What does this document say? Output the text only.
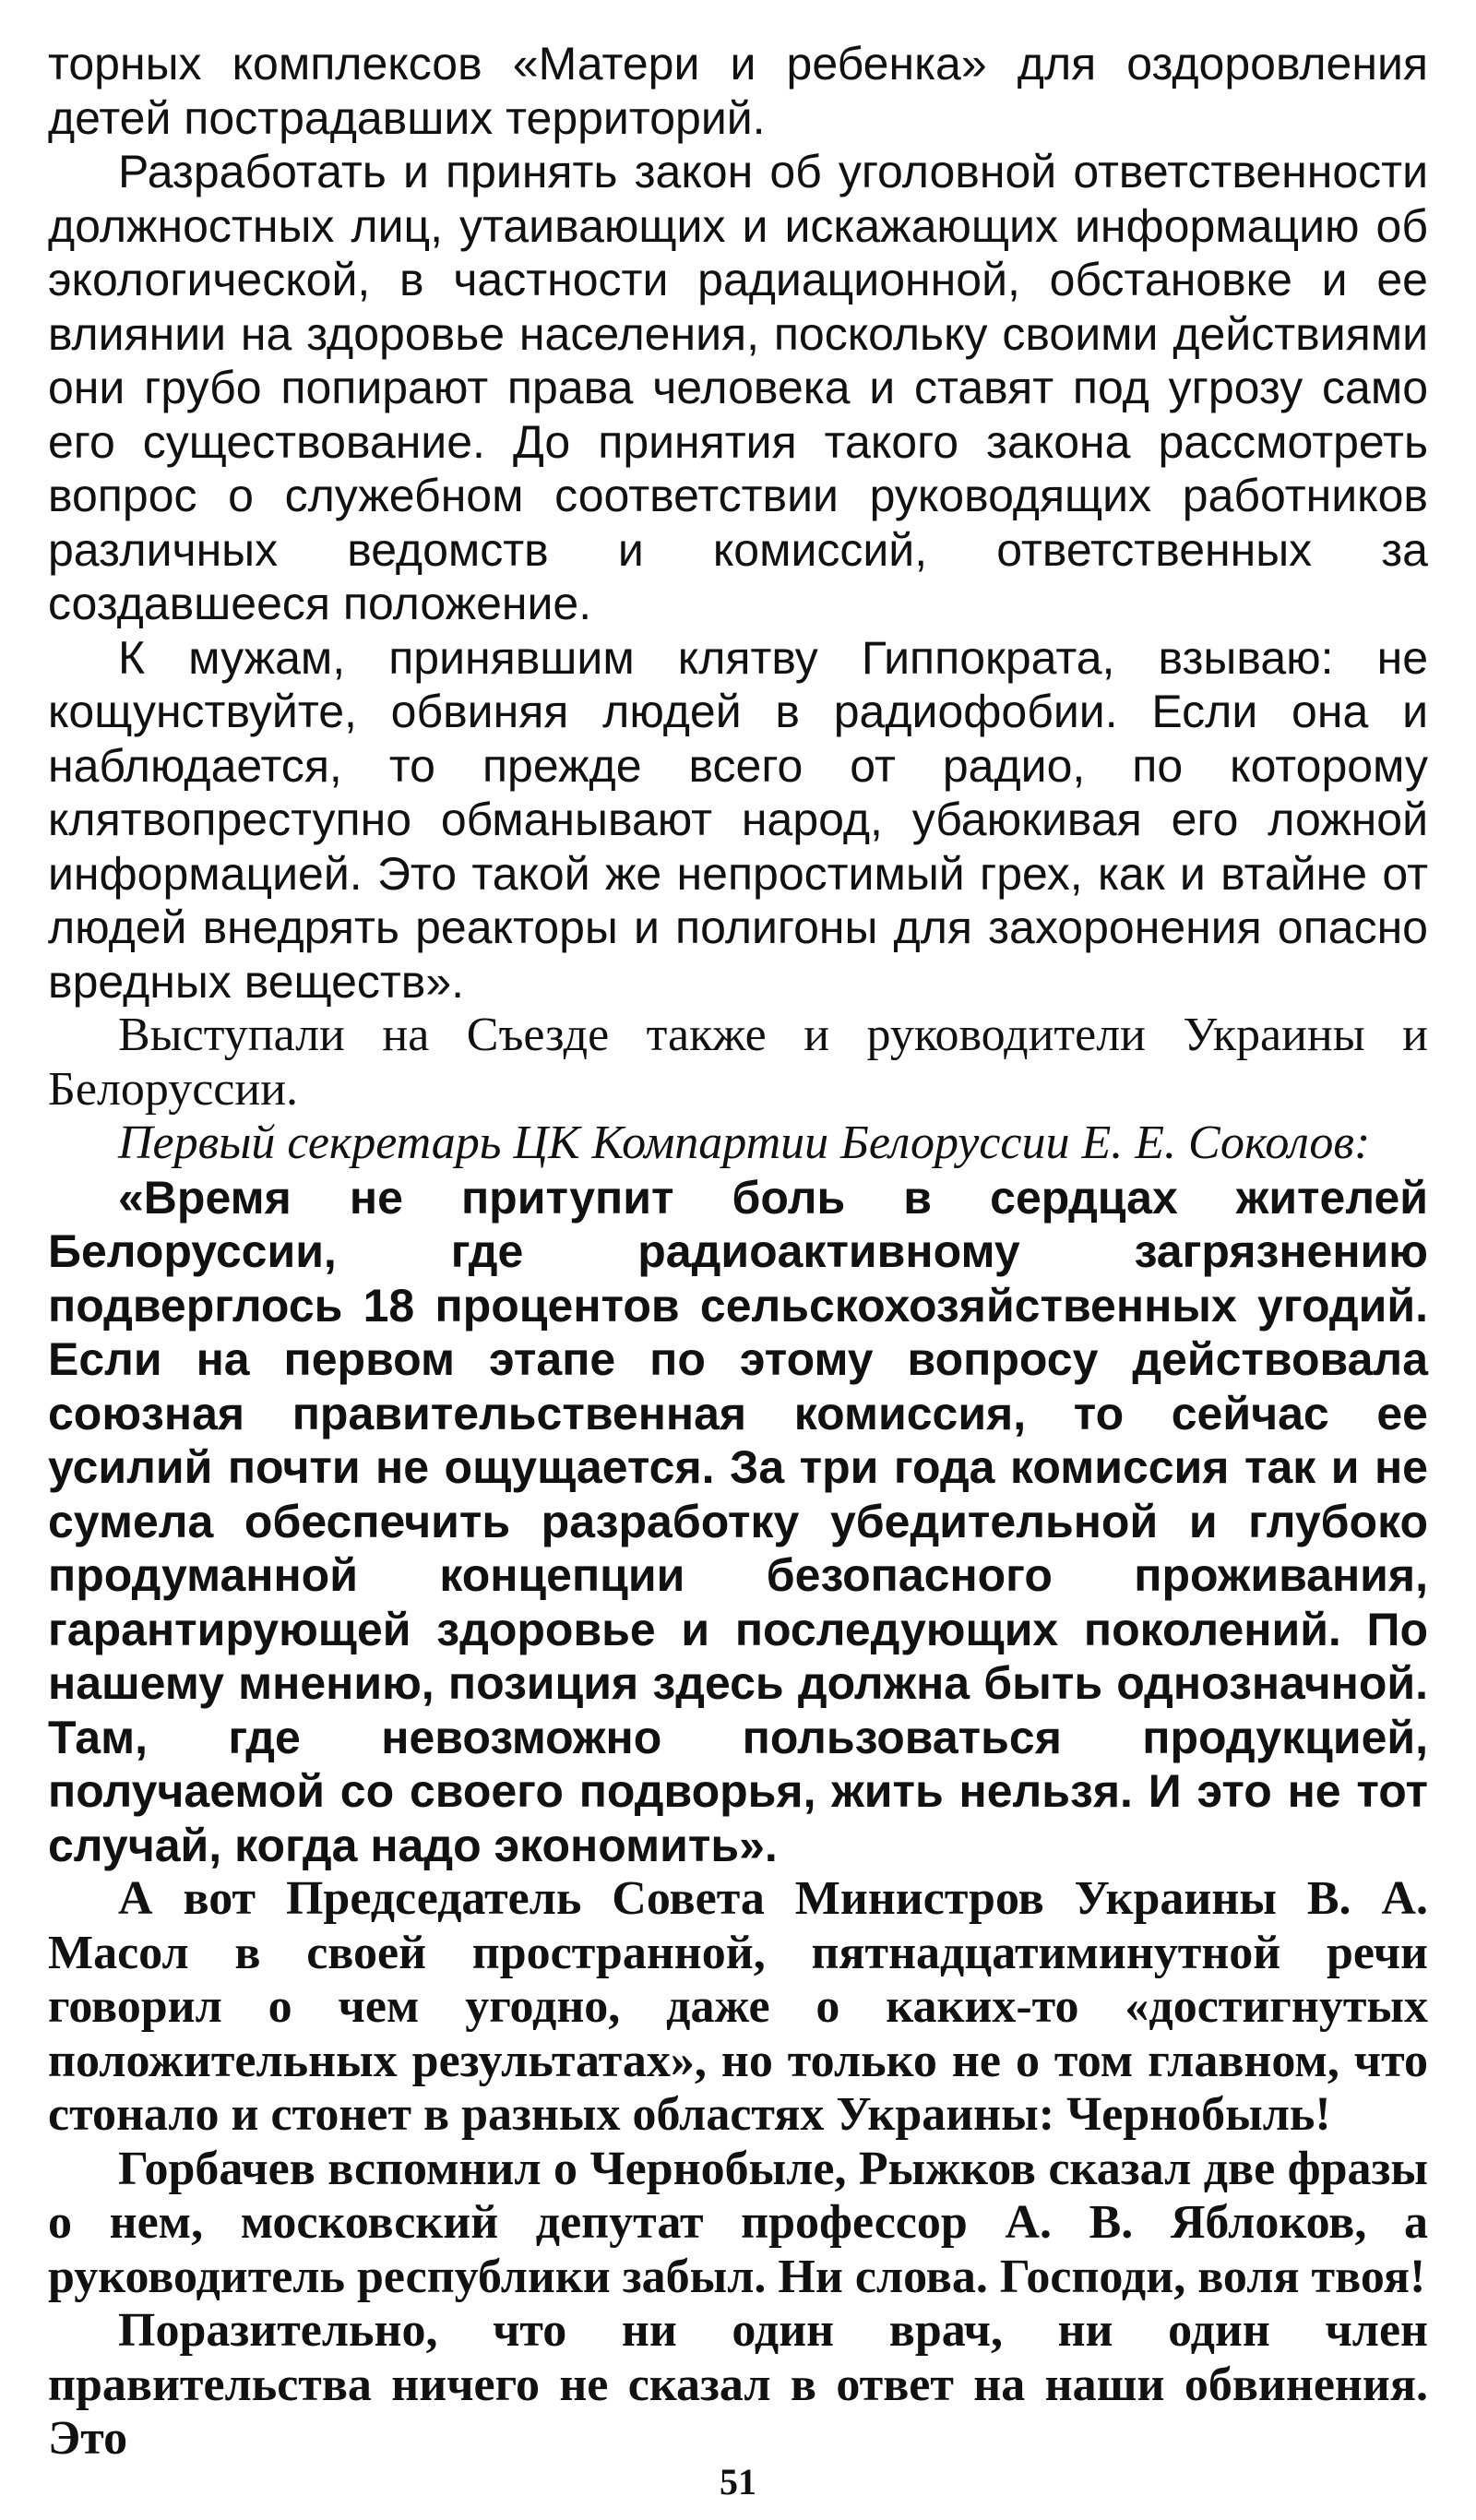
торных комплексов «Матери и ребенка» для оздоровления детей пострадавших территорий.

Разработать и принять закон об уголовной ответственности должностных лиц, утаивающих и искажающих информацию об экологической, в частности радиационной, обстановке и ее влиянии на здоровье населения, поскольку своими действиями они грубо попирают права человека и ставят под угрозу само его существование. До принятия такого закона рассмотреть вопрос о служебном соответствии руководящих работников различных ведомств и комиссий, ответственных за создавшееся положение.

К мужам, принявшим клятву Гиппократа, взываю: не кощунствуйте, обвиняя людей в радиофобии. Если она и наблюдается, то прежде всего от радио, по которому клятвопреступно обманывают народ, убаюкивая его ложной информацией. Это такой же непростимый грех, как и втайне от людей внедрять реакторы и полигоны для захоронения опасно вредных веществ».

Выступали на Съезде также и руководители Украины и Белоруссии.

Первый секретарь ЦК Компартии Белоруссии Е. Е. Соколов:

«Время не притупит боль в сердцах жителей Белоруссии, где радиоактивному загрязнению подверглось 18 процентов сельскохозяйственных угодий. Если на первом этапе по этому вопросу действовала союзная правительственная комиссия, то сейчас ее усилий почти не ощущается. За три года комиссия так и не сумела обеспечить разработку убедительной и глубоко продуманной концепции безопасного проживания, гарантирующей здоровье и последующих поколений. По нашему мнению, позиция здесь должна быть однозначной. Там, где невозможно пользоваться продукцией, получаемой со своего подворья, жить нельзя. И это не тот случай, когда надо экономить».

А вот Председатель Совета Министров Украины В. А. Масол в своей пространной, пятнадцатиминутной речи говорил о чем угодно, даже о каких-то «достигнутых положительных результатах», но только не о том главном, что стонало и стонет в разных областях Украины: Чернобыль!

Горбачев вспомнил о Чернобыле, Рыжков сказал две фразы о нем, московский депутат профессор А. В. Яблоков, а руководитель республики забыл. Ни слова. Господи, воля твоя!

Поразительно, что ни один врач, ни один член правительства ничего не сказал в ответ на наши обвинения. Это

51
